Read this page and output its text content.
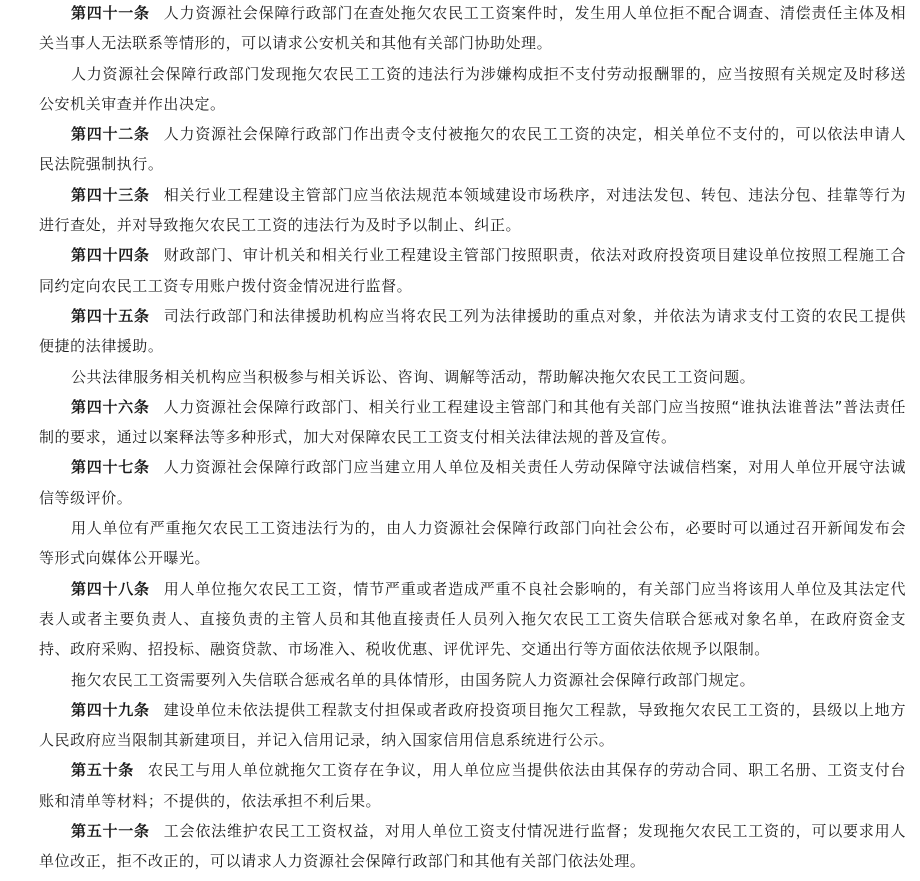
第四十一条 人力资源社会保障行政部门在查处拖欠农民工工资案件时，发生用人单位拒不配合调查、清偿责任主体及相关当事人无法联系等情形的，可以请求公安机关和其他有关部门协助处理。

人力资源社会保障行政部门发现拖欠农民工工资的违法行为涉嫌构成拒不支付劳动报酬罪的，应当按照有关规定及时移送公安机关审查并作出决定。

第四十二条 人力资源社会保障行政部门作出责令支付被拖欠的农民工工资的决定，相关单位不支付的，可以依法申请人民法院强制执行。

第四十三条 相关行业工程建设主管部门应当依法规范本领域建设市场秩序，对违法发包、转包、违法分包、挂靠等行为进行查处，并对导致拖欠农民工工资的违法行为及时予以制止、纠正。

第四十四条 财政部门、审计机关和相关行业工程建设主管部门按照职责，依法对政府投资项目建设单位按照工程施工合同约定向农民工工资专用账户拨付资金情况进行监督。

第四十五条 司法行政部门和法律援助机构应当将农民工列为法律援助的重点对象，并依法为请求支付工资的农民工提供便捷的法律援助。

公共法律服务相关机构应当积极参与相关诉讼、咨询、调解等活动，帮助解决拖欠农民工工资问题。

第四十六条 人力资源社会保障行政部门、相关行业工程建设主管部门和其他有关部门应当按照“谁执法谁普法”普法责任制的要求，通过以案释法等多种形式，加大对保障农民工工资支付相关法律法规的普及宣传。

第四十七条 人力资源社会保障行政部门应当建立用人单位及相关责任人劳动保障守法诚信档案，对用人单位开展守法诚信等级评价。

用人单位有严重拖欠农民工工资违法行为的，由人力资源社会保障行政部门向社会公布，必要时可以通过召开新闻发布会等形式向媒体公开曝光。

第四十八条 用人单位拖欠农民工工资，情节严重或者造成严重不良社会影响的，有关部门应当将该用人单位及其法定代表人或者主要负责人、直接负责的主管人员和其他直接责任人员列入拖欠农民工工资失信联合惩戒对象名单，在政府资金支持、政府采购、招投标、融资贷款、市场准入、税收优惠、评优评先、交通出行等方面依法依规予以限制。

拖欠农民工工资需要列入失信联合惩戒名单的具体情形，由国务院人力资源社会保障行政部门规定。

第四十九条 建设单位未依法提供工程款支付担保或者政府投资项目拖欠工程款，导致拖欠农民工工资的，县级以上地方人民政府应当限制其新建项目，并记入信用记录，纳入国家信用信息系统进行公示。

第五十条 农民工与用人单位就拖欠工资存在争议，用人单位应当提供依法由其保存的劳动合同、职工名册、工资支付台账和清单等材料；不提供的，依法承担不利后果。

第五十一条 工会依法维护农民工工资权益，对用人单位工资支付情况进行监督；发现拖欠农民工工资的，可以要求用人单位改正，拒不改正的，可以请求人力资源社会保障行政部门和其他有关部门依法处理。
